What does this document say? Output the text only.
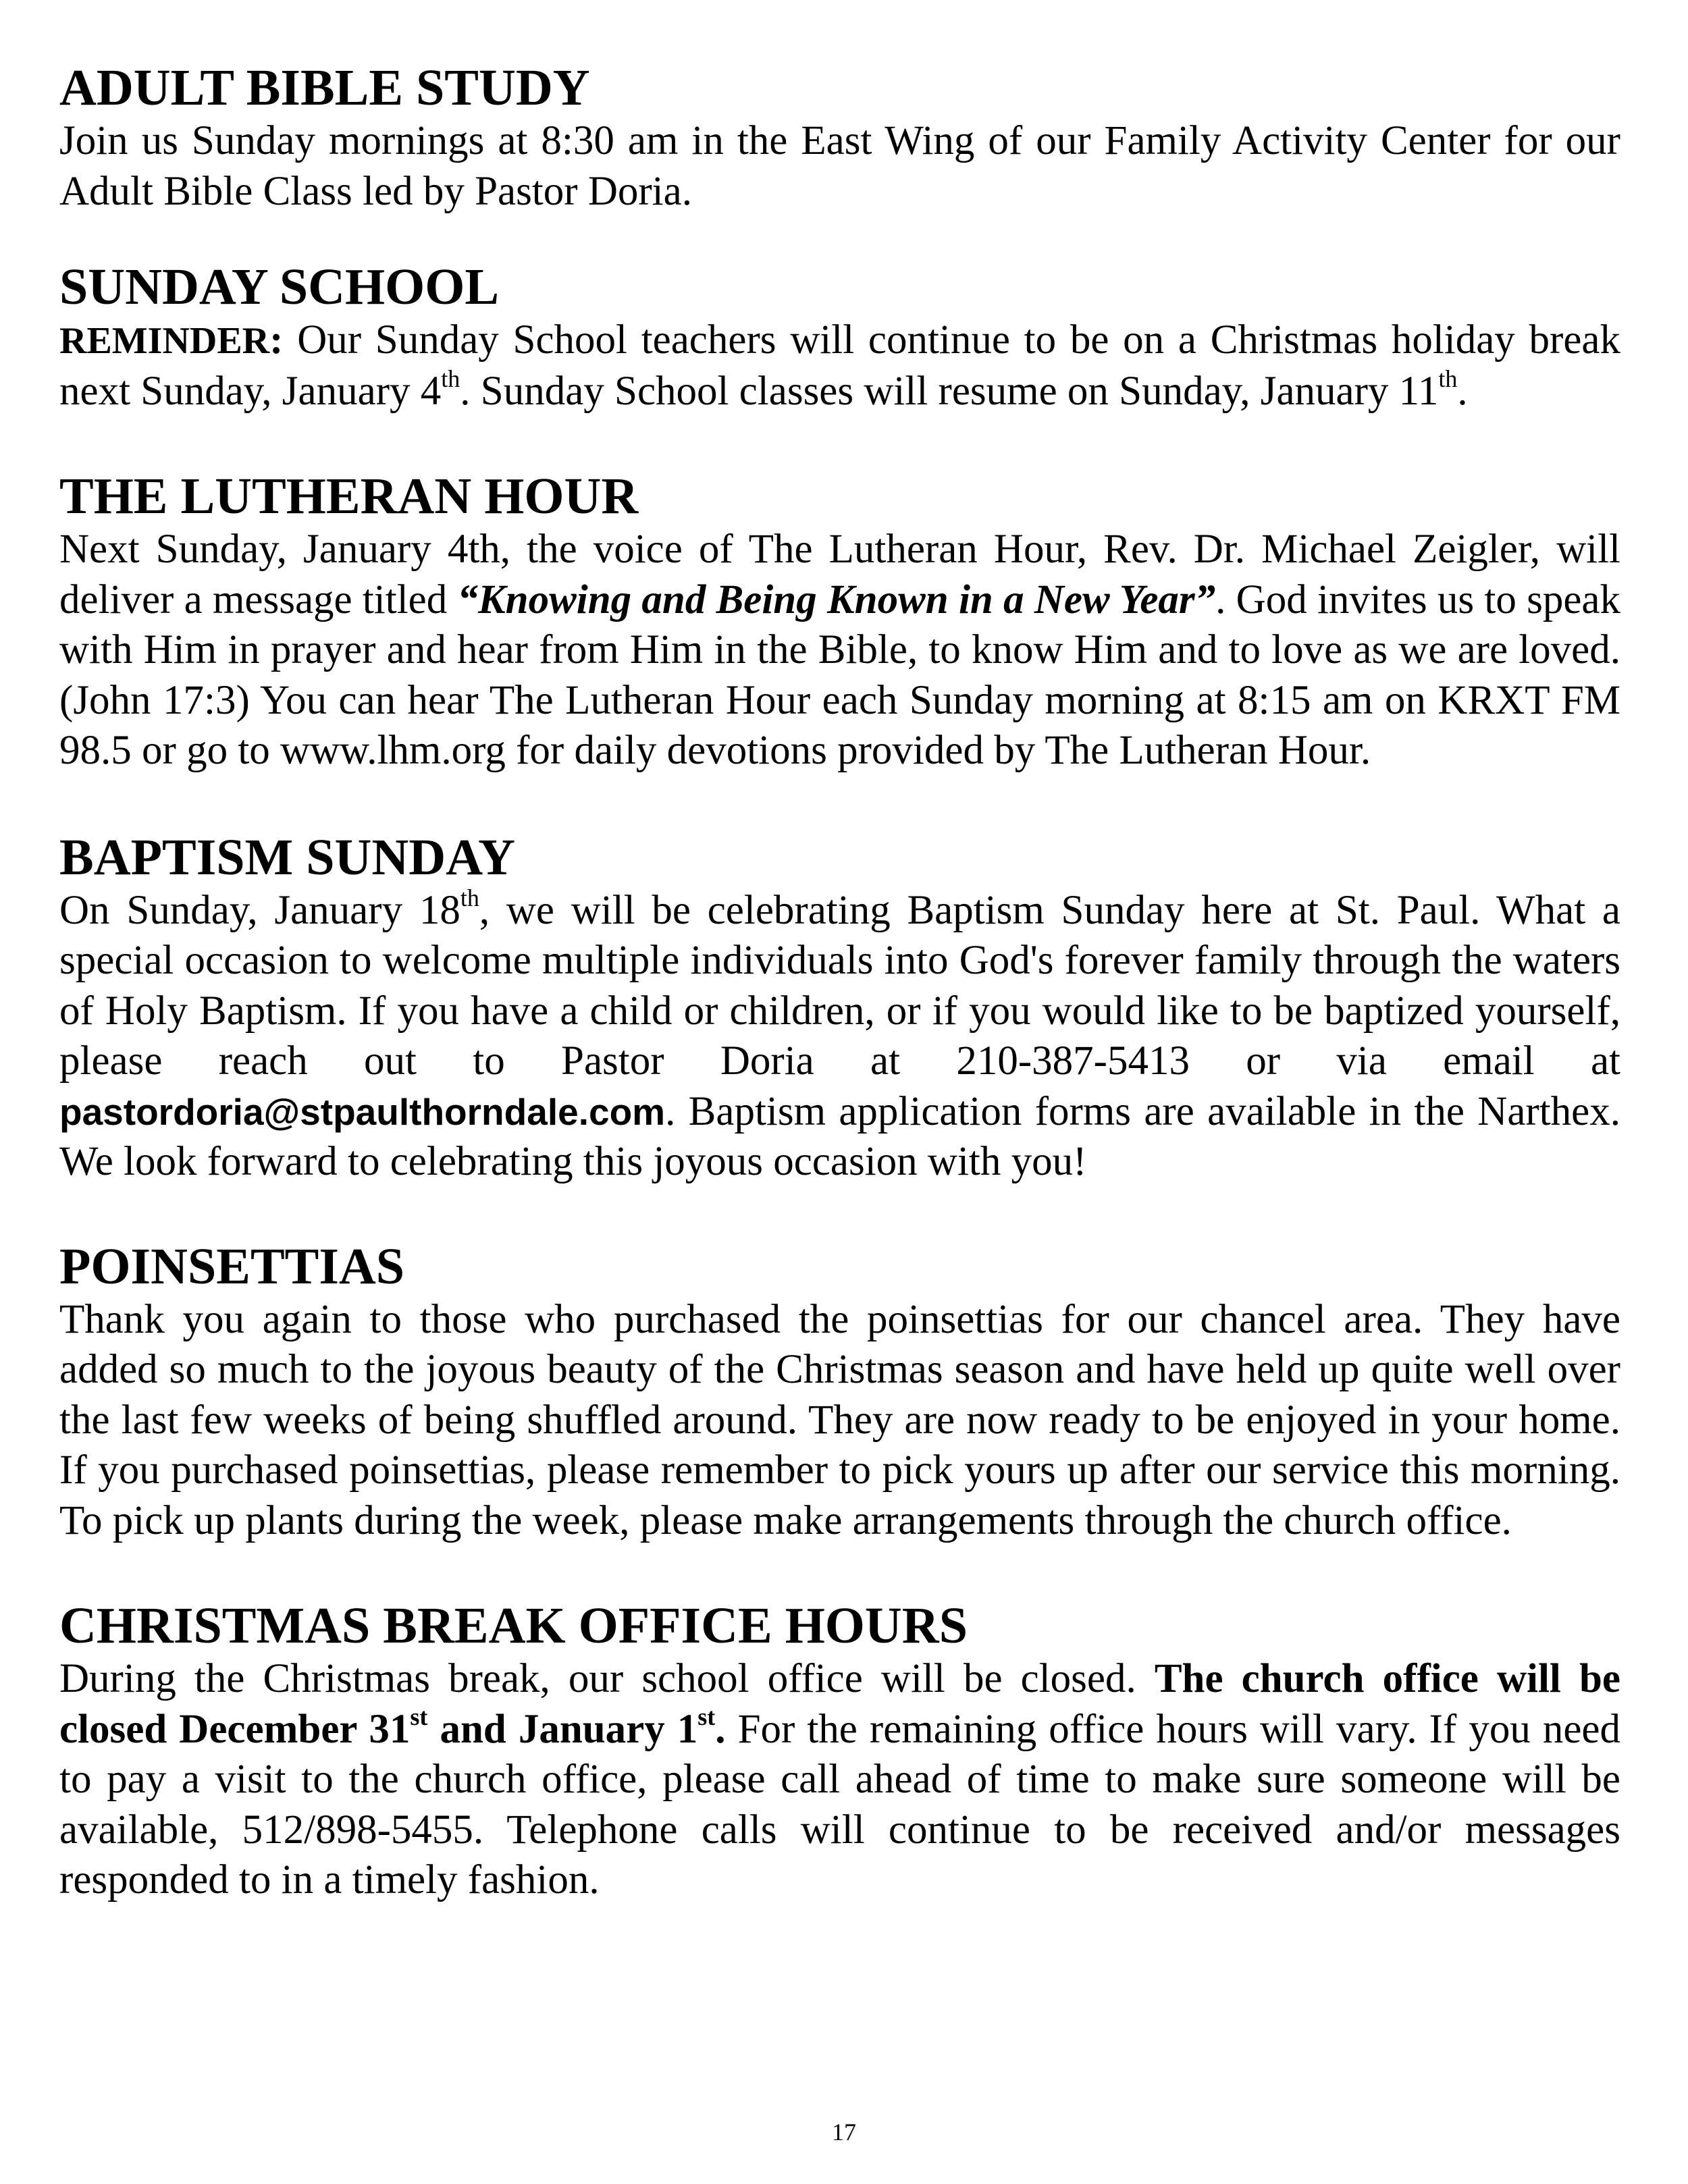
ADULT BIBLE STUDY

Join us Sunday mornings at 8:30 am in the East Wing of our Family Activity Center for our Adult Bible Class led by Pastor Doria.

SUNDAY SCHOOL

REMINDER: Our Sunday School teachers will continue to be on a Christmas holiday break next Sunday, January 4th. Sunday School classes will resume on Sunday, January 11th.

THE LUTHERAN HOUR

Next Sunday, January 4th, the voice of The Lutheran Hour, Rev. Dr. Michael Zeigler, will deliver a message titled “Knowing and Being Known in a New Year”. God invites us to speak with Him in prayer and hear from Him in the Bible, to know Him and to love as we are loved. (John 17:3) You can hear The Lutheran Hour each Sunday morning at 8:15 am on KRXT FM 98.5 or go to www.lhm.org for daily devotions provided by The Lutheran Hour.

BAPTISM SUNDAY

On Sunday, January 18th, we will be celebrating Baptism Sunday here at St. Paul. What a special occasion to welcome multiple individuals into God's forever family through the waters of Holy Baptism. If you have a child or children, or if you would like to be baptized yourself, please reach out to Pastor Doria at 210-387-5413 or via email at pastordoria@stpaulthorndale.com. Baptism application forms are available in the Narthex. We look forward to celebrating this joyous occasion with you!

POINSETTIAS

Thank you again to those who purchased the poinsettias for our chancel area. They have added so much to the joyous beauty of the Christmas season and have held up quite well over the last few weeks of being shuffled around. They are now ready to be enjoyed in your home. If you purchased poinsettias, please remember to pick yours up after our service this morning. To pick up plants during the week, please make arrangements through the church office.

CHRISTMAS BREAK OFFICE HOURS

During the Christmas break, our school office will be closed. The church office will be closed December 31st and January 1st. For the remaining office hours will vary. If you need to pay a visit to the church office, please call ahead of time to make sure someone will be available, 512/898-5455. Telephone calls will continue to be received and/or messages responded to in a timely fashion.

17
